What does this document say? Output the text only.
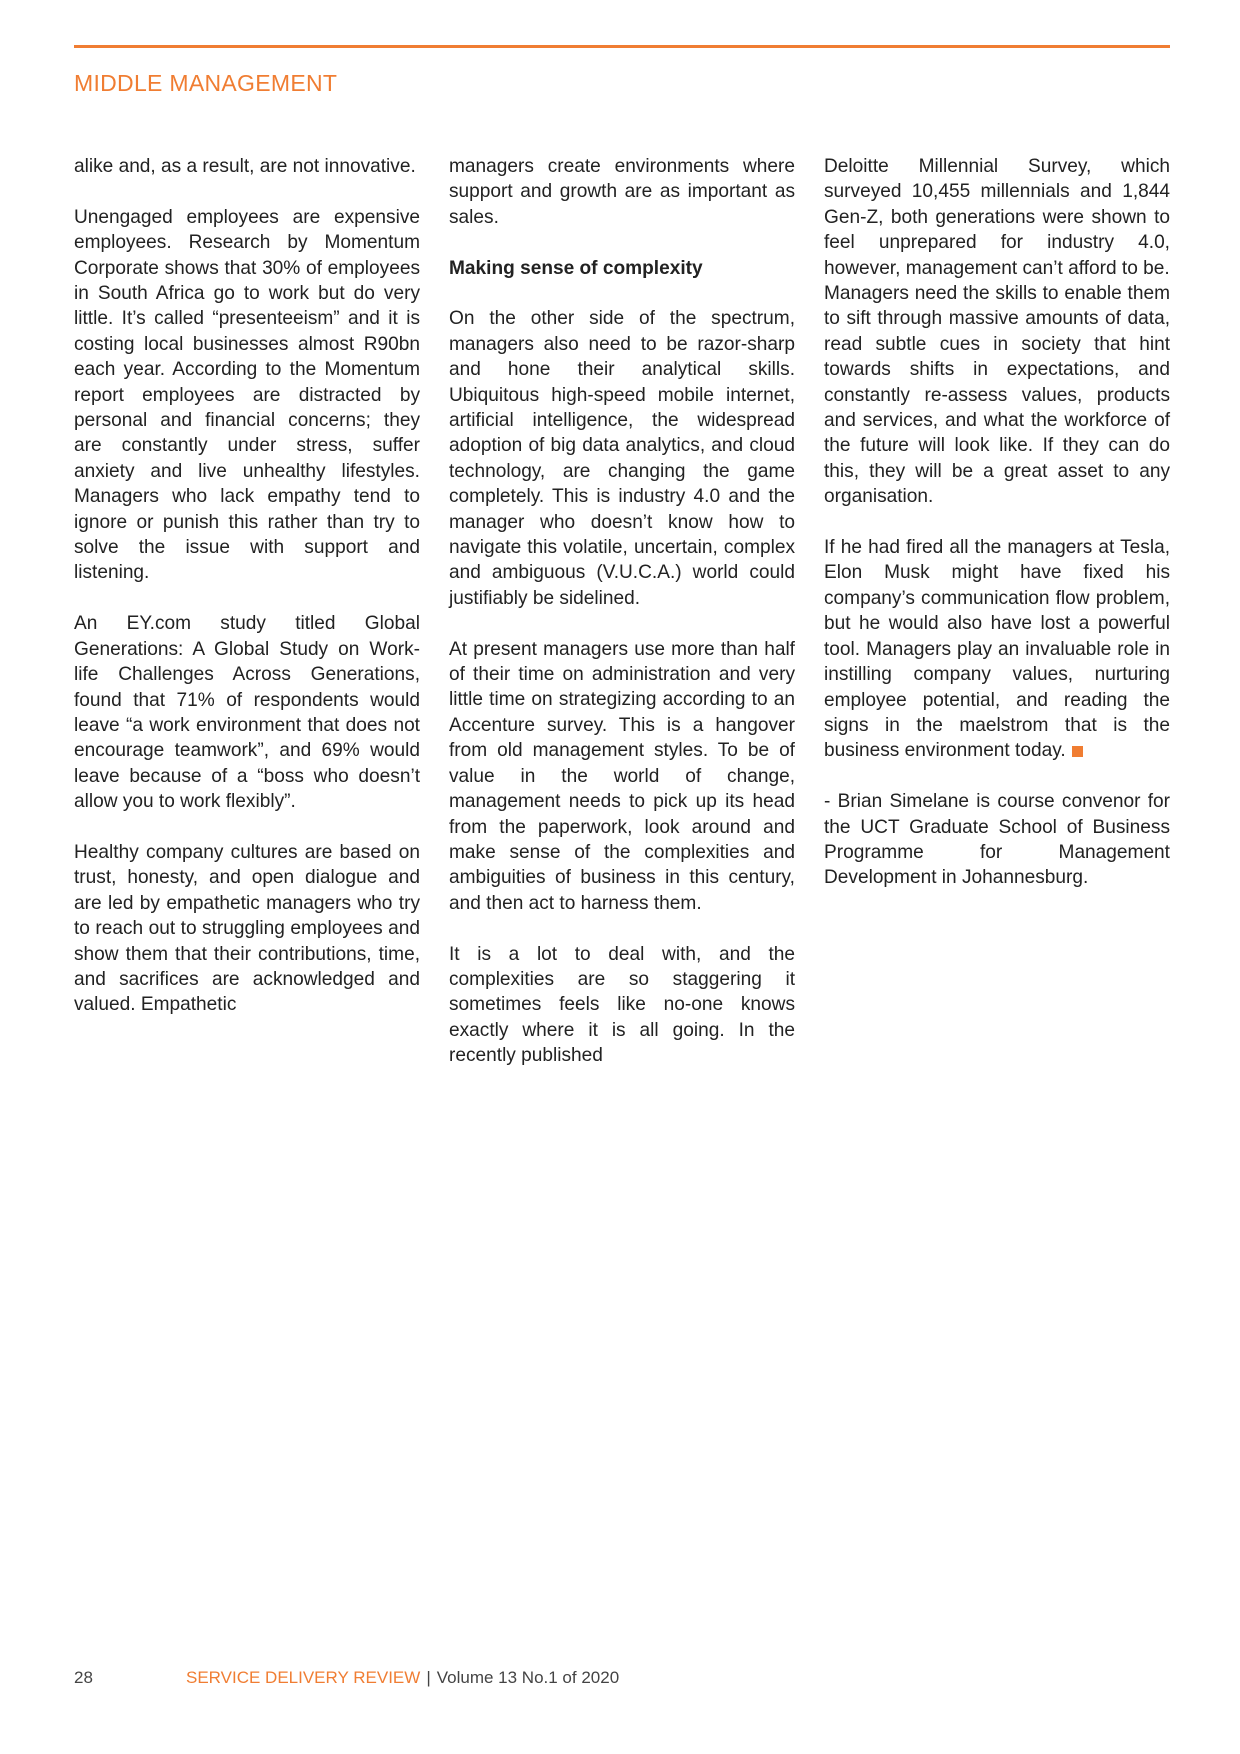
MIDDLE MANAGEMENT

alike and, as a result, are not innovative.

Unengaged employees are expensive employees. Research by Momentum Corporate shows that 30% of employees in South Africa go to work but do very little. It’s called “presenteeism” and it is costing local businesses almost R90bn each year. According to the Momentum report employees are distracted by personal and financial concerns; they are constantly under stress, suffer anxiety and live unhealthy lifestyles. Managers who lack empathy tend to ignore or punish this rather than try to solve the issue with support and listening.

An EY.com study titled Global Generations: A Global Study on Work-life Challenges Across Generations, found that 71% of respondents would leave “a work environment that does not encourage teamwork”, and 69% would leave because of a “boss who doesn’t allow you to work flexibly”.

Healthy company cultures are based on trust, honesty, and open dialogue and are led by empathetic managers who try to reach out to struggling employees and show them that their contributions, time, and sacrifices are acknowledged and valued. Empathetic

managers create environments where support and growth are as important as sales.

Making sense of complexity

On the other side of the spectrum, managers also need to be razor-sharp and hone their analytical skills. Ubiquitous high-speed mobile internet, artificial intelligence, the widespread adoption of big data analytics, and cloud technology, are changing the game completely. This is industry 4.0 and the manager who doesn’t know how to navigate this volatile, uncertain, complex and ambiguous (V.U.C.A.) world could justifiably be sidelined.

At present managers use more than half of their time on administration and very little time on strategizing according to an Accenture survey. This is a hangover from old management styles. To be of value in the world of change, management needs to pick up its head from the paperwork, look around and make sense of the complexities and ambiguities of business in this century, and then act to harness them.

It is a lot to deal with, and the complexities are so staggering it sometimes feels like no-one knows exactly where it is all going. In the recently published

Deloitte Millennial Survey, which surveyed 10,455 millennials and 1,844 Gen-Z, both generations were shown to feel unprepared for industry 4.0, however, management can’t afford to be.

Managers need the skills to enable them to sift through massive amounts of data, read subtle cues in society that hint towards shifts in expectations, and constantly re-assess values, products and services, and what the workforce of the future will look like. If they can do this, they will be a great asset to any organisation.

If he had fired all the managers at Tesla, Elon Musk might have fixed his company’s communication flow problem, but he would also have lost a powerful tool. Managers play an invaluable role in instilling company values, nurturing employee potential, and reading the signs in the maelstrom that is the business environment today.

- Brian Simelane is course convenor for the UCT Graduate School of Business Programme for Management Development in Johannesburg.

28	SERVICE DELIVERY REVIEW | Volume 13 No.1 of 2020
